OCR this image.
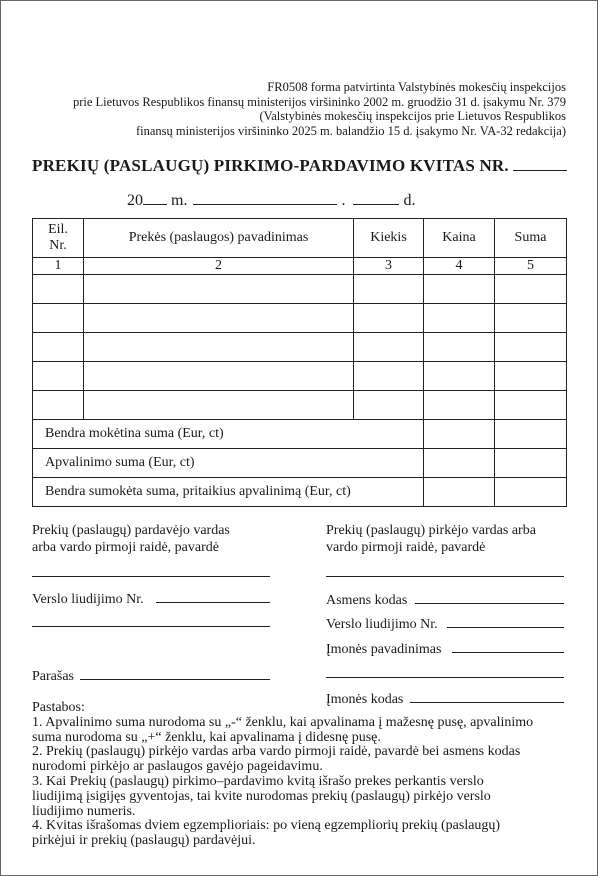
FR0508 forma patvirtinta Valstybinės mokesčių inspekcijos
prie Lietuvos Respublikos finansų ministerijos viršininko 2002 m. gruodžio 31 d. įsakymu Nr. 379
(Valstybinės mokesčių inspekcijos prie Lietuvos Respublikos
finansų ministerijos viršininko 2025 m. balandžio 15 d. įsakymo Nr. VA-32 redakcija)
PREKIŲ (PASLAUGŲ) PIRKIMO-PARDAVIMO KVITAS NR.
20 m.	.	d.
Eil.
Nr.	Prekės (paslaugos) pavadinimas	Kiekis	Kaina	Suma
1	2	3	4	5

Bendra mokėtina suma (Eur, ct)				
Apvalinimo suma (Eur, ct)				
Bendra sumokėta suma, pritaikius apvalinimą (Eur, ct)				
Prekių (paslaugų) pardavėjo vardas
arba vardo pirmoji raidė, pavardė
Verslo liudijimo Nr.
Parašas
Prekių (paslaugų) pirkėjo vardas arba
vardo pirmoji raidė, pavardė
Asmens kodas
Verslo liudijimo Nr.
Įmonės pavadinimas
Įmonės kodas

Pastabos:

1. Apvalinimo suma nurodoma su „-“ ženklu, kai apvalinama į mažesnę pusę, apvalinimo

suma nurodoma su „+“ ženklu, kai apvalinama į didesnę pusę.

2. Prekių (paslaugų) pirkėjo vardas arba vardo pirmoji raidė, pavardė bei asmens kodas

nurodomi pirkėjo ar paslaugos gavėjo pageidavimu.

3. Kai Prekių (paslaugų) pirkimo–pardavimo kvitą išrašo prekes perkantis verslo

liudijimą įsigijęs gyventojas, tai kvite nurodomas prekių (paslaugų) pirkėjo verslo

liudijimo numeris.

4. Kvitas išrašomas dviem egzemplioriais: po vieną egzempliorių prekių (paslaugų)

pirkėjui ir prekių (paslaugų) pardavėjui.
